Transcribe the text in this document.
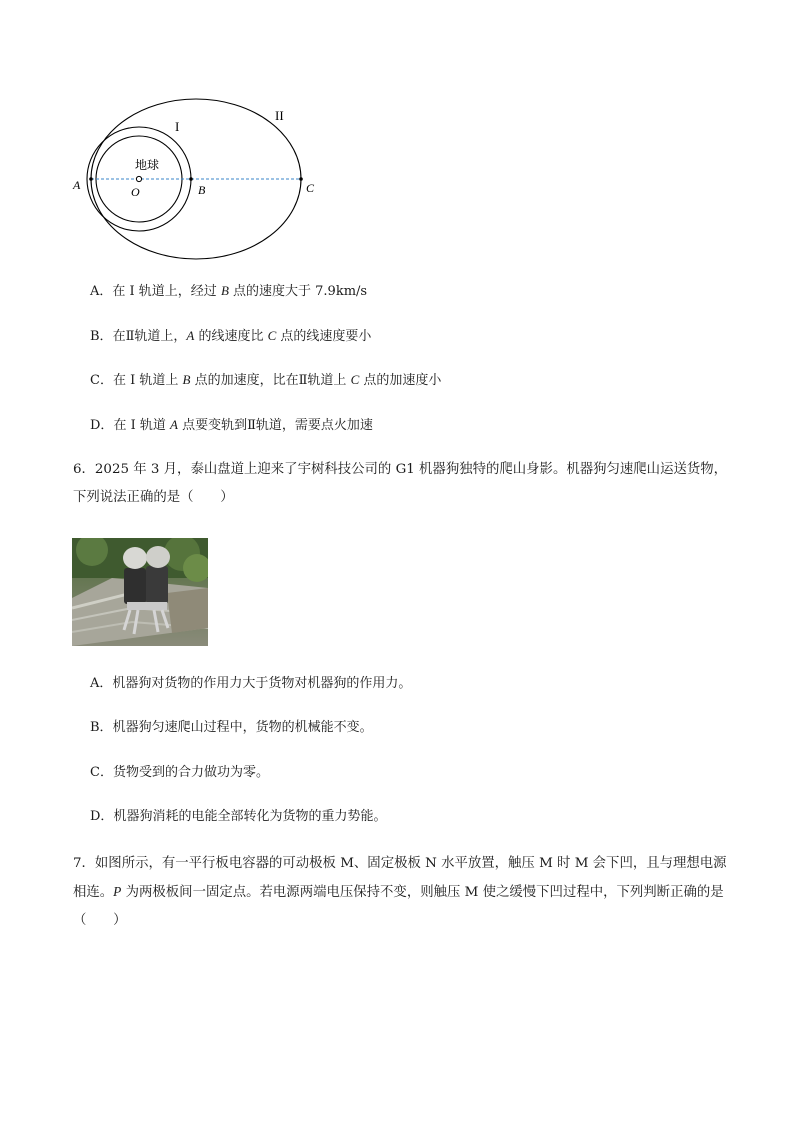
I
II
地球
O
A	B	C
A．在 I 轨道上，经过 B 点的速度大于 7.9km/s
B．在Ⅱ轨道上，A 的线速度比 C 点的线速度要小
C．在 I 轨道上 B 点的加速度，比在Ⅱ轨道上 C 点的加速度小
D．在 I 轨道 A 点要变轨到Ⅱ轨道，需要点火加速

6．2025 年 3 月，泰山盘道上迎来了宇树科技公司的 G1 机器狗独特的爬山身影。机器狗匀速爬山运送货物，下列说法正确的是（　　）

A．机器狗对货物的作用力大于货物对机器狗的作用力。
B．机器狗匀速爬山过程中，货物的机械能不变。
C．货物受到的合力做功为零。
D．机器狗消耗的电能全部转化为货物的重力势能。

7．如图所示，有一平行板电容器的可动极板 M、固定极板 N 水平放置，触压 M 时 M 会下凹，且与理想电源相连。P 为两极板间一固定点。若电源两端电压保持不变，则触压 M 使之缓慢下凹过程中，下列判断正确的是（　　）
